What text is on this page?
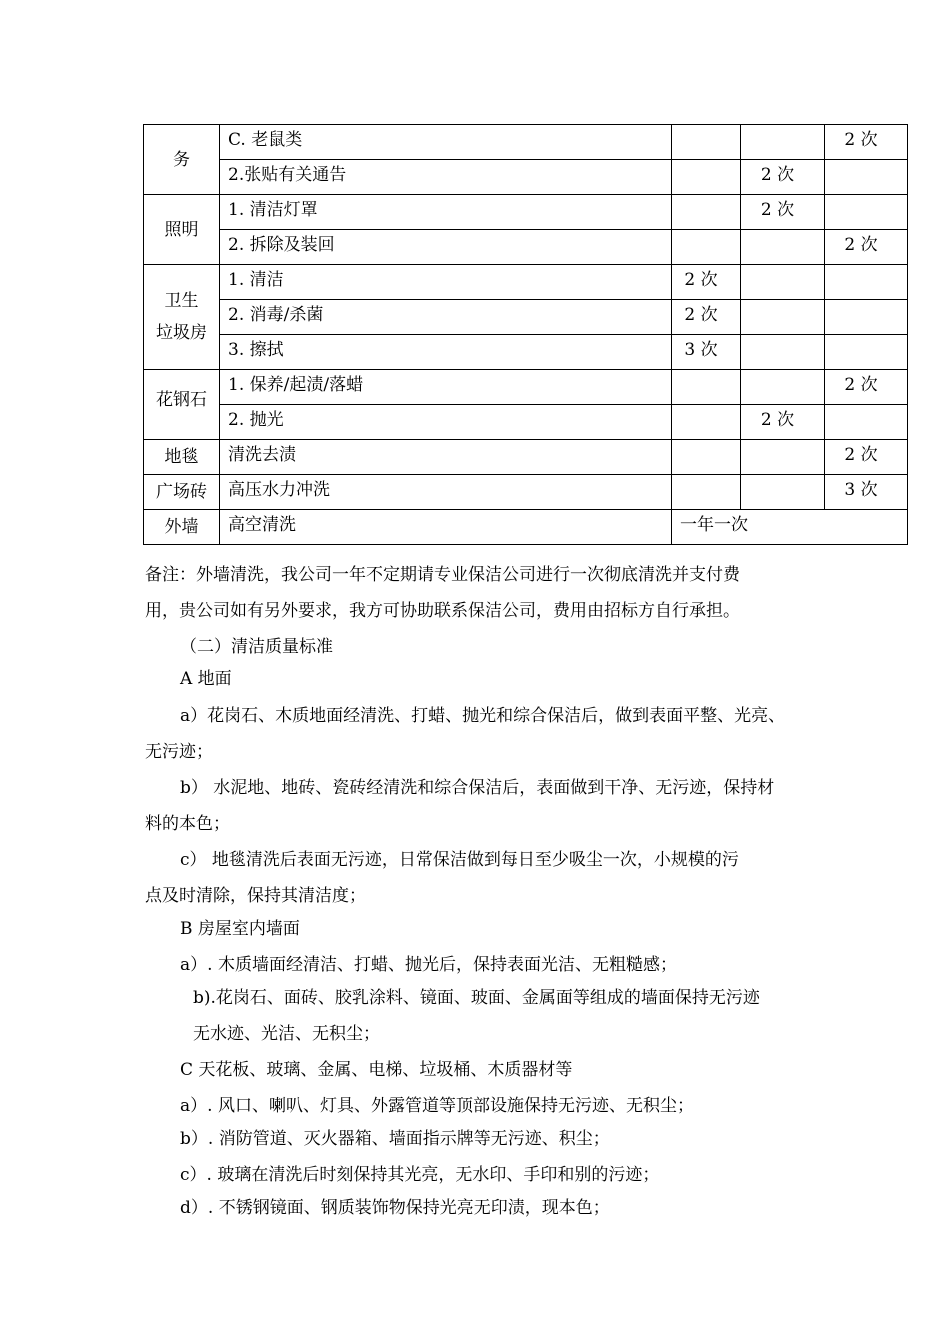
务	C. 老鼠类			2 次
	2.张贴有关通告		2 次	
照明	1. 清洁灯罩		2 次	
	2. 拆除及装回			2 次

卫生
垃圾房	1. 清洁	2 次		
	2. 消毒/杀菌	2 次		
	3. 擦拭	3 次		
花钢石	1. 保养/起渍/落蜡			2 次
	2. 抛光		2 次	
地毯	清洗去渍			2 次
广场砖	高压水力冲洗			3 次
外墙	高空清洗	一年一次		
备注：外墙清洗，我公司一年不定期请专业保洁公司进行一次彻底清洗并支付费
用，贵公司如有另外要求，我方可协助联系保洁公司，费用由招标方自行承担。
（二）清洁质量标准
A 地面
a）花岗石、木质地面经清洗、打蜡、抛光和综合保洁后，做到表面平整、光亮、
无污迹；
b） 水泥地、地砖、瓷砖经清洗和综合保洁后，表面做到干净、无污迹，保持材
料的本色；
c） 地毯清洗后表面无污迹，日常保洁做到每日至少吸尘一次，小规模的污
点及时清除，保持其清洁度；
B 房屋室内墙面
a）. 木质墙面经清洁、打蜡、抛光后，保持表面光洁、无粗糙感；
b).花岗石、面砖、胶乳涂料、镜面、玻面、金属面等组成的墙面保持无污迹
无水迹、光洁、无积尘；
C 天花板、玻璃、金属、电梯、垃圾桶、木质器材等
a）. 风口、喇叭、灯具、外露管道等顶部设施保持无污迹、无积尘；
b）. 消防管道、灭火器箱、墙面指示牌等无污迹、积尘；
c）. 玻璃在清洗后时刻保持其光亮，无水印、手印和别的污迹；
d）. 不锈钢镜面、钢质装饰物保持光亮无印渍，现本色；
